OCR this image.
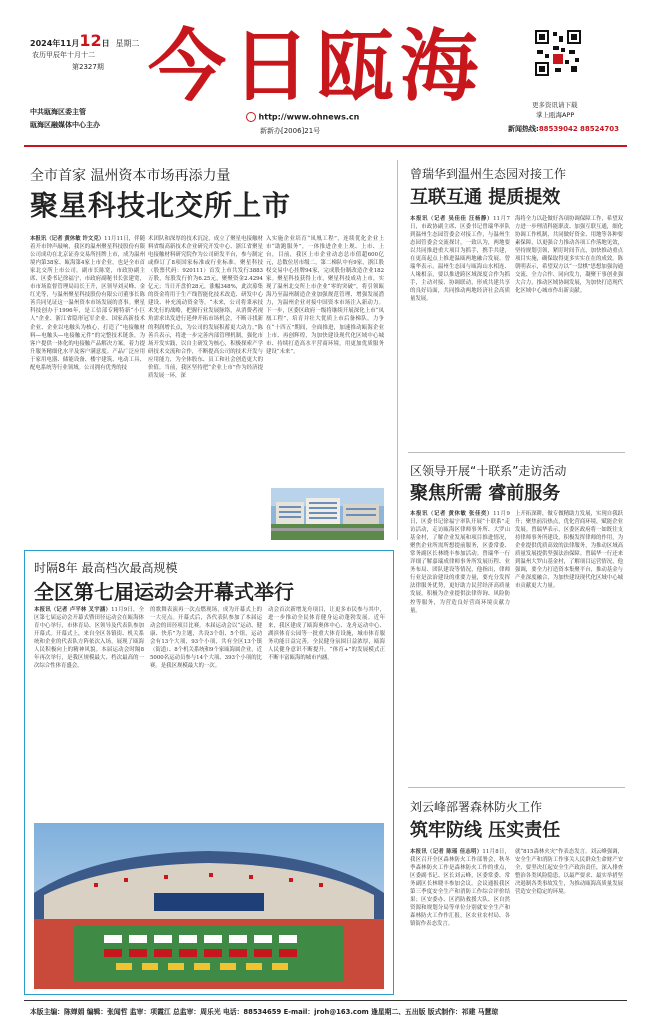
2024年11月12日 星期二
农历甲辰年十月十二
第2327期
中共瓯海区委主管
瓯海区融媒体中心主办
今日瓯海
http://www.ohnews.cn
新新办[2006]21号
更多资讯请下载
掌上瓯海APP
新闻热线:88539042 88524703
全市首家 温州资本市场再添力量
聚星科技北交所上市
本报讯（记者 黄休敏 许文克）11月11日，伴随着开市钟声敲响，我区的温州聚星科技股份有限公司成功在北京证券交易所挂牌上市，成为温州境内第38家、瓯海第4家上市企业，也是全市首家北交所上市公司。副市长陈宽，市政协副主席、区委书记徐福宁，市政府副秘书长张建宽，市市场监督管理局局长王升，区领导刘灵峰、金红光等，与温州聚星科技股份有限公司董事长陈善兵同见证这一温州资本市场发展的喜事。聚星科技创办于1996年，是工信部专精特新“小巨人”企业、浙江省隐形冠军企业、国家高新技术企业、企业以电触头为核心，打造了“电接触材料—电触头—电接触元件”的完整技术链条，为客户提供一体化的电接触产品解决方案，着力提升服务精细化水平及客户满意度。产品广泛应用于家用电器、储能设备、楼宇建筑、电动工具、配电系统等行业领域。公司拥有优秀的技
术团队和深厚的技术沉淀，成立了聚星电接触材料省级高新技术企业研究开发中心、浙江省聚星电接触材料研究院作为公司研发平台，参与制定或修订了8项国家标准或行业标准。聚星科技（股票代码：920111）首发上市共发行3883万股，每股发行价为6.25元，聚聚资金2.4294亿元；当日开盘价28元，涨幅348%，此次募集的资金将用于生产线智能化技术改造、研发中心建设、补充流动资金等。“未来，公司将秉承技术先行的战略，把握行业发展脉络，从消费者视角需求出发进行延伸开拓市场机会，不断寻找新的利润增长点，为公司的发展积蓄更大动力。”陈善兵表示，将进一步完善内部管理机制，强化市场开发实践，以自主研发为核心，积极探索产学研技术交流和合作，不断提高公司的技术开发与应用能力，为全体股东、员工和社会创造更大的价值。当前，我区坚持把“企业上市”作为经济提质发展一环，深
入实施企业培育“凤凰工程”，连续优化企业上市“助跑服务”，一体推进企业上规、上市、上台，目前，我区上市企业动态总市值超600亿元，总数位居市级二，第二梯队中有9家，浙江股权交易中心挂牌94家，完成股份制改造企业182家。聚星科技获得上市，聚星科技成功上市，实现了温州北交所上市企业“零的突破”，将引领瓯海乃至温州制造企业加强规范管理、增强发展潜力，为温州企业对接中国资本市场注入新动力。下一步，区委区政府一级将继续开展深化上市“凤凰工程”，培育并壮大优质上市后备梯队，力争在“十四五”期间，全面推进，加速推动瓯海企业上市、再创辉煌，为加快建设现代化区域中心城市、持续打造高水平营商环境，用更加优质服务建设“未来”。
曾瑞华到温州生态园对接工作
互联互通 提质提效
本报讯（记者 吴佳佳 汪杨静）11月7日，市政协副主席、区委书记曾瑞华率队到温州生态园管委会对接工作，与温州生态园管委会交流探讨，一致认为，两地要以共同推进重大项目为抓手，携手共建，在更高起点上推进温瓯两地融合发展。曾瑞华表示，温州生态园与瓯海山水相连、人缘相亲，要以推进跨区域深度合作为抓手，主动对接、协调联动，形成共建共享的良好局面，共同推动两地经济社会高质量发展。
海将全力以赴做好各项协调保障工作，希望双方进一步理清科能职责、加强互联互通，细化协调工作机制，共同做好资金、用地等各种要素保障，以更强合力推动各项工作落地见效，坚持规划引领，紧盯时间节点，加快推动重点项目实施，确保取得更多实实在在的成效。陈朝明表示，希望双方以“一盘棋”思想加强沟通交流、全力合作、同向发力，凝聚干事创业强大合力，推动区域协调发展，为加快打造现代化区域中心城市作出新贡献。
区领导开展“十联系”走访活动
聚焦所需 睿前服务
本报讯（记者 黄休敏 张佳奕）11月9日，区委书记徐福宁率队开展“十联系”走访活动，走访瓯海区律师事务所、大罗山基金村，了解企业发展和项目推进情况，聚焦企业所需所想提前服务，区委常委、常务副区长林晓丰参加活动。曾瑞华一行详细了解嘉瑞成律师事务所发展历程、业务布局、团队建设等情况，他指出，律师行业是法治建设的重要力量，要充分发挥法律服务优势，更好助力民营经济高质量发展，积极为企业提供法律咨询、风险防控等服务，为营造良好营商环境贡献力量。
上开拓深耕，做专做精助力发展，实现自我跃升；聚焦前沿热点，优化营商环境，赋能企业发展。曾瑞华表示，区委区政府将一如既往支持律师事务所建设，积极发挥律师的作用，为企业提供优质高效的法律服务，为推动区域高质量发展提供坚强法治保障。曾瑞华一行还来到温州大罗山基金村，了解项目运营情况，他强调，要全力打造资本集聚平台，推动基金与产业深度融合，为加快建设现代化区域中心城市贡献更大力量。
刘云峰部署森林防火工作
筑牢防线 压实责任
本报讯（记者 陈瑶 佳志明）11月8日，我区召开全区森林防火工作部署会，秋冬季森林防火工作是森林防火工作的重点，区委副书记、区长刘云峰，区委常委、常务副区长林晓丰参加会议。会议通报我区第三季度安全生产和消防工作综合评价结果；区安委办、区消防救援大队、区自然资源和规划分局等单位分别就安全生产和森林防火工作作汇报，区农业农村局、各镇街作表态发言。
就“815森林火灾”作表态发言。刘云峰强调，安全生产和消防工作事关人民群众生命财产安全，要坚决扛起安全生产政治责任，深入排查整治各类风险隐患，以最严要求、最实举措坚决遏制各类事故发生，为推动瓯海高质量发展营造安全稳定的环境。
时隔8年 最高档次最高规模
全区第七届运动会开幕式举行
本报讯（记者 卢平林 叉宇涵）11月9日，全区第七届运动会开幕式暨田径运动会在瓯海体育中心举行，市体育局、区领导及代表队参加开幕式。开幕式上，来自全区各镇街、机关系统和企业的代表队方阵依次入场，展现了瓯海人民积极向上的精神风貌。本届运动会时隔8年再次举行，是我区规模最大、档次最高的一次综合性体育盛会。
的歌舞表演再一次点燃现场，成为开幕式上的一大亮点。开幕式后，各代表队参加了本届运动会的田径项目比赛。本届运动会以“运动、健康、快乐”为主题，共设3个组、5个组，运动会有13个大项，93个小项，共有全区13个镇（街道）、8个机关系统和9个家瓯海属企业，近5000名运动员参与14个大项、393个小项的比赛。是我区规模最大的一次。
动会首次新增龙舟项目，让更多市民参与其中，进一步推动全民体育健身运动蓬勃发展。近年来，我区建成了瓯海奥体中心、龙舟运动中心、湖滨体育公园等一批重大体育设施，城市体育服务功能日益完善，全民健身氛围日益浓厚，瓯海人民健身意识不断提升。“体育+”的发展模式正不断丰富瓯海的城市内涵。
本版主编：陈婵娟 编辑：张闻哲 监审：项霞江 总监审：周乐光 电话：88534659 E-mail：jroh@163.com 逢星期二、五出版 版式制作：祁建 马慧琼
